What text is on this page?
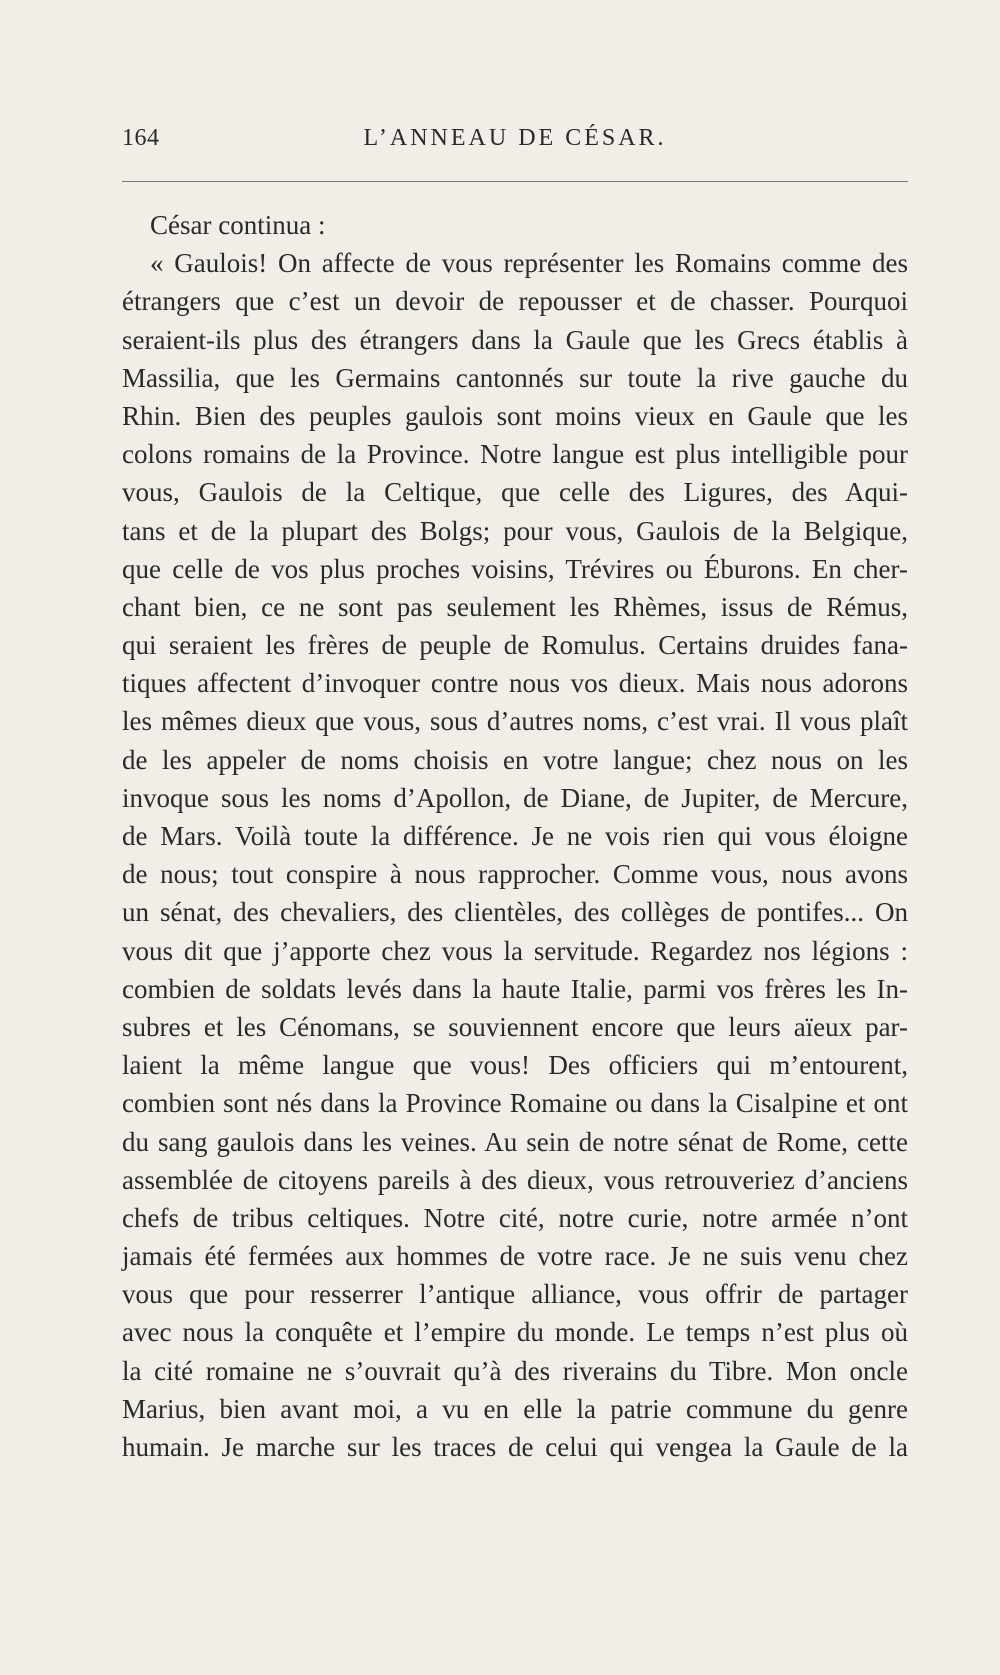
164	L’ANNEAU DE CÉSAR.
César continua :
« Gaulois! On affecte de vous représenter les Romains comme des
étrangers que c’est un devoir de repousser et de chasser. Pourquoi
seraient-ils plus des étrangers dans la Gaule que les Grecs établis à
Massilia, que les Germains cantonnés sur toute la rive gauche du
Rhin. Bien des peuples gaulois sont moins vieux en Gaule que les
colons romains de la Province. Notre langue est plus intelligible pour
vous, Gaulois de la Celtique, que celle des Ligures, des Aqui-
tans et de la plupart des Bolgs; pour vous, Gaulois de la Belgique,
que celle de vos plus proches voisins, Trévires ou Éburons. En cher-
chant bien, ce ne sont pas seulement les Rhèmes, issus de Rémus,
qui seraient les frères de peuple de Romulus. Certains druides fana-
tiques affectent d’invoquer contre nous vos dieux. Mais nous adorons
les mêmes dieux que vous, sous d’autres noms, c’est vrai. Il vous plaît
de les appeler de noms choisis en votre langue; chez nous on les
invoque sous les noms d’Apollon, de Diane, de Jupiter, de Mercure,
de Mars. Voilà toute la différence. Je ne vois rien qui vous éloigne
de nous; tout conspire à nous rapprocher. Comme vous, nous avons
un sénat, des chevaliers, des clientèles, des collèges de pontifes... On
vous dit que j’apporte chez vous la servitude. Regardez nos légions :
combien de soldats levés dans la haute Italie, parmi vos frères les In-
subres et les Cénomans, se souviennent encore que leurs aïeux par-
laient la même langue que vous! Des officiers qui m’entourent,
combien sont nés dans la Province Romaine ou dans la Cisalpine et ont
du sang gaulois dans les veines. Au sein de notre sénat de Rome, cette
assemblée de citoyens pareils à des dieux, vous retrouveriez d’anciens
chefs de tribus celtiques. Notre cité, notre curie, notre armée n’ont
jamais été fermées aux hommes de votre race. Je ne suis venu chez
vous que pour resserrer l’antique alliance, vous offrir de partager
avec nous la conquête et l’empire du monde. Le temps n’est plus où
la cité romaine ne s’ouvrait qu’à des riverains du Tibre. Mon oncle
Marius, bien avant moi, a vu en elle la patrie commune du genre
humain. Je marche sur les traces de celui qui vengea la Gaule de la
